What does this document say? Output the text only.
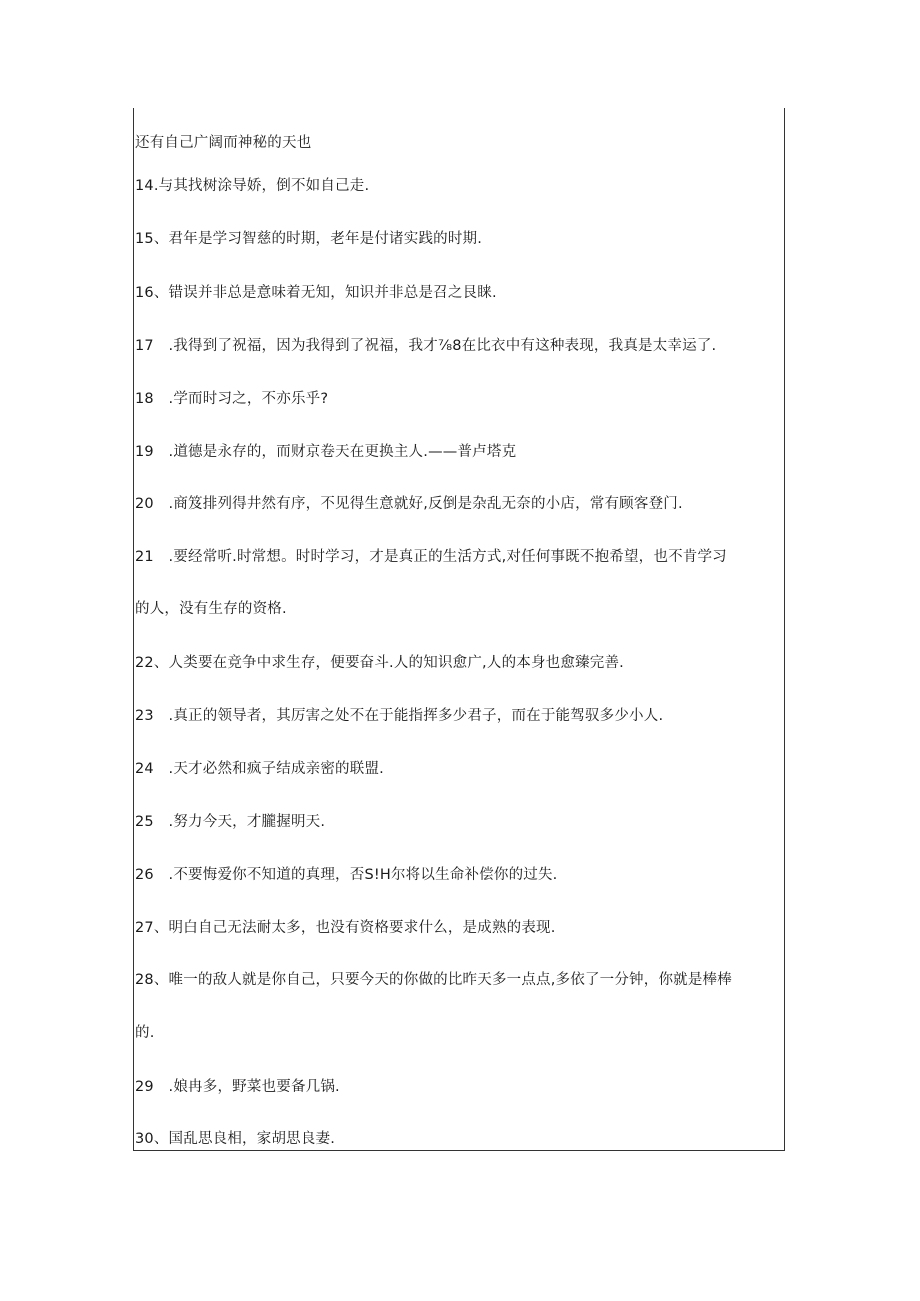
还有自己广阔而神秘的天也
14.与其找树涂导娇，倒不如自己走.
15、君年是学习智慈的时期，老年是付诸实践的时期.
16、错误并非总是意味着无知，知识并非总是召之艮睐.
17　.我得到了祝福，因为我得到了祝福，我才⅞8在比衣中有这种表现，我真是太幸运了.
18　.学而时习之，不亦乐乎?
19　.道德是永存的，而财京卷天在更换主人.——普卢塔克
20　.商笈排列得井然有序，不见得生意就好,反倒是杂乱无奈的小店，常有顾客登门.
21　.要经常听.时常想。时时学习，才是真正的生活方式,对任何事既不抱希望，也不肯学习
的人，没有生存的资格.
22、人类要在竞争中求生存，便要奋斗.人的知识愈广,人的本身也愈臻完善.
23　.真正的领导者，其厉害之处不在于能指挥多少君子，而在于能驾驭多少小人.
24　.天才必然和疯子结成亲密的联盟.
25　.努力今天，才朧握明天.
26　.不要悔爱你不知道的真理，否S!H尔将以生命补偿你的过失.
27、明白自己无法耐太多，也没有资格要求什么，是成熟的表现.
28、唯一的敌人就是你自己，只要今天的你做的比昨天多一点点,多依了一分钟，你就是棒棒
的.
29　.娘冉多，野菜也要备几锅.
30、国乱思良相，家胡思良妻.
